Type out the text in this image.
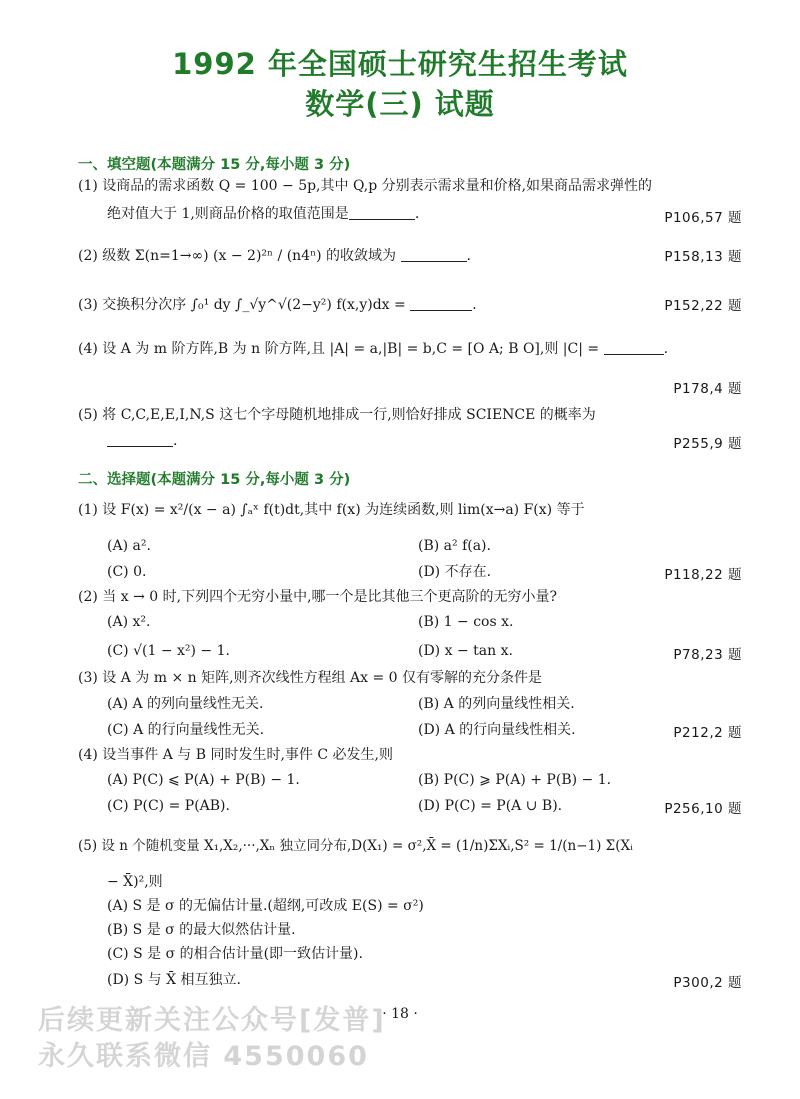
1992 年全国硕士研究生招生考试
数学(三) 试题
一、填空题(本题满分 15 分,每小题 3 分)
(1) 设商品的需求函数 Q = 100 − 5p,其中 Q,p 分别表示需求量和价格,如果商品需求弹性的
绝对值大于 1,则商品价格的取值范围是	.	P106,57 题
(2) 级数 Σ(n=1→∞) (x − 2)²ⁿ / (n4ⁿ) 的收敛域为	.	P158,13 题
(3) 交换积分次序 ∫₀¹ dy ∫_√y^√(2−y²) f(x,y)dx =	.	P152,22 题
(4) 设 A 为 m 阶方阵,B 为 n 阶方阵,且 |A| = a,|B| = b,C = [O A; B O],则 |C| =	.
P178,4 题
(5) 将 C,C,E,E,I,N,S 这七个字母随机地排成一行,则恰好排成 SCIENCE 的概率为
.	P255,9 题
二、选择题(本题满分 15 分,每小题 3 分)
(1) 设 F(x) = x²/(x − a) ∫ₐˣ f(t)dt,其中 f(x) 为连续函数,则 lim(x→a) F(x) 等于
(A) a².	(B) a² f(a).
(C) 0.	(D) 不存在.	P118,22 题
(2) 当 x → 0 时,下列四个无穷小量中,哪一个是比其他三个更高阶的无穷小量?
(A) x².	(B) 1 − cos x.
(C) √(1 − x²) − 1.	(D) x − tan x.	P78,23 题
(3) 设 A 为 m × n 矩阵,则齐次线性方程组 Ax = 0 仅有零解的充分条件是
(A) A 的列向量线性无关.	(B) A 的列向量线性相关.
(C) A 的行向量线性无关.	(D) A 的行向量线性相关.	P212,2 题
(4) 设当事件 A 与 B 同时发生时,事件 C 必发生,则
(A) P(C) ⩽ P(A) + P(B) − 1.	(B) P(C) ⩾ P(A) + P(B) − 1.
(C) P(C) = P(AB).	(D) P(C) = P(A ∪ B).	P256,10 题
(5) 设 n 个随机变量 X₁,X₂,···,Xₙ 独立同分布,D(X₁) = σ²,X̄ = (1/n)ΣXᵢ,S² = 1/(n−1) Σ(Xᵢ
− X̄)²,则
(A) S 是 σ 的无偏估计量.(超纲,可改成 E(S) = σ²)
(B) S 是 σ 的最大似然估计量.
(C) S 是 σ 的相合估计量(即一致估计量).
(D) S 与 X̄ 相互独立.	P300,2 题
· 18 ·
后续更新关注公众号[发普]
永久联系微信 4550060
